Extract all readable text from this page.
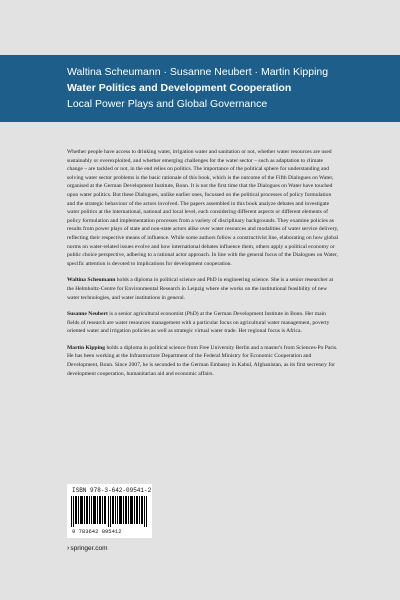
Waltina Scheumann · Susanne Neubert · Martin Kipping
Water Politics and Development Cooperation
Local Power Plays and Global Governance

Whether people have access to drinking water, irrigation water and sanitation or not, whether water resources are used sustainably or overexploited, and whether emerging challenges for the water sector – such as adaptation to climate change – are tackled or not, in the end relies on politics. The importance of the political sphere for understanding and solving water sector problems is the basic rationale of this book, which is the outcome of the Fifth Dialogues on Water, organised at the German Development Institute, Bonn. It is not the first time that the Dialogues on Water have touched upon water politics. But these Dialogues, unlike earlier ones, focussed on the political processes of policy formulation and the strategic behaviour of the actors involved. The papers assembled in this book analyze debates and investigate water politics at the international, national and local level, each considering different aspects or different elements of policy formulation and implementation processes from a variety of disciplinary backgrounds. They examine policies as results from power plays of state and non-state actors alike over water resources and modalities of water service delivery, reflecting their respective means of influence. While some authors follow a constructivist line, elaborating on how global norms on water-related issues evolve and how international debates influence them, others apply a political economy or public choice perspective, adhering to a rational actor approach. In line with the general focus of the Dialogues on Water, specific attention is devoted to implications for development cooperation.

Waltina Scheumann holds a diploma in political science and PhD in engineering science. She is a senior researcher at the Helmholtz-Centre for Environmental Research in Leipzig where she works on the institutional feasibility of new water technologies, and water institutions in general.

Susanne Neubert is a senior agricultural economist (PhD) at the German Development Institute in Bonn. Her main fields of research are water resources management with a particular focus on agricultural water management, poverty oriented water and irrigation policies as well as strategic virtual water trade. Her regional focus is Africa.

Martin Kipping holds a diploma in political science from Free University Berlin and a master's from Sciences-Po Paris. He has been working at the Infrastructure Department of the Federal Ministry for Economic Cooperation and Development, Bonn. Since 2007, he is seconded to the German Embassy in Kabul, Afghanistan, as its first secretary for development cooperation, humanitarian aid and economic affairs.

ISBN 978-3-642-09541-2
9 783642 095412
› springer.com
